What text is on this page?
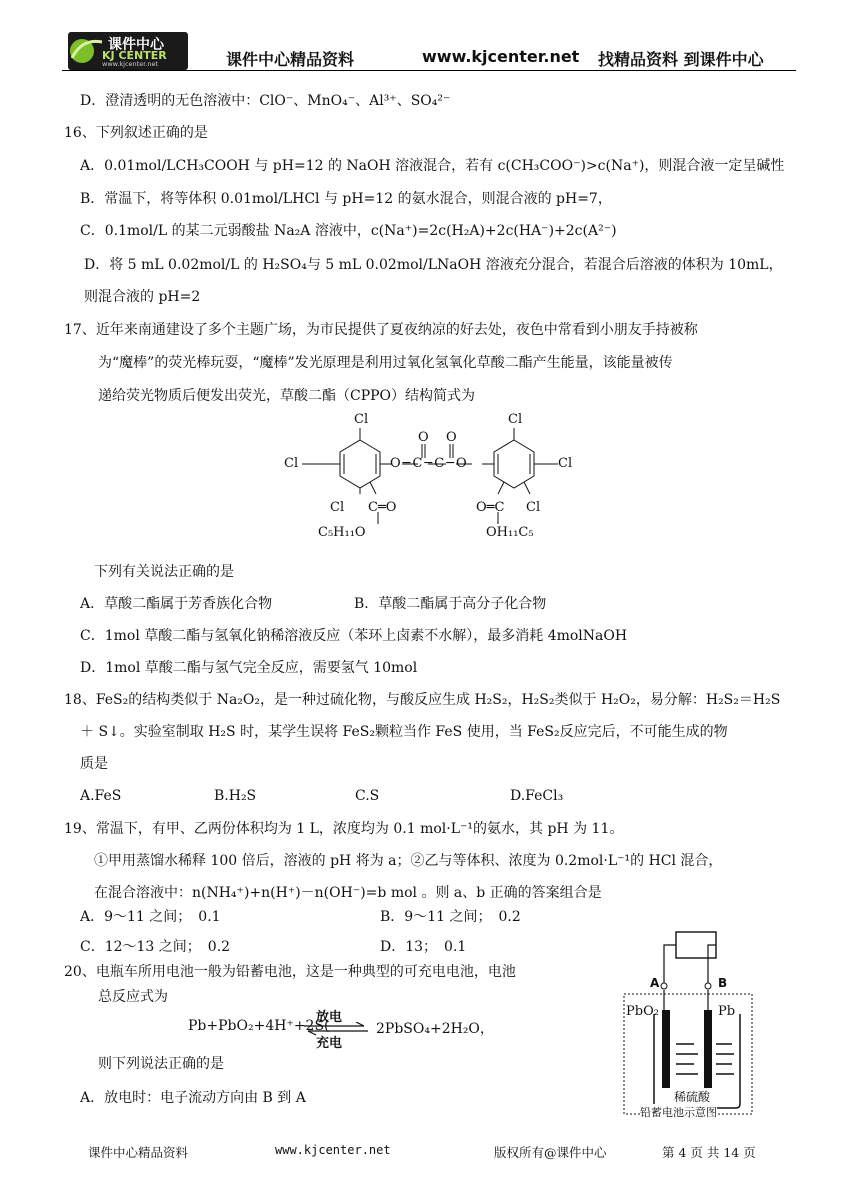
课件中心
KJ CENTER
www.kjcenter.net	课件中心精品资料	www.kjcenter.net 找精品资料 到课件中心
D．澄清透明的无色溶液中：ClO⁻、MnO₄⁻、Al³⁺、SO₄²⁻
16、下列叙述正确的是
A．0.01mol/LCH₃COOH 与 pH=12 的 NaOH 溶液混合，若有 c(CH₃COO⁻)>c(Na⁺)，则混合液一定呈碱性
B．常温下，将等体积 0.01mol/LHCl 与 pH=12 的氨水混合，则混合液的 pH=7，
C．0.1mol/L 的某二元弱酸盐 Na₂A 溶液中，c(Na⁺)=2c(H₂A)+2c(HA⁻)+2c(A²⁻)
D．将 5 mL 0.02mol/L 的 H₂SO₄与 5 mL 0.02mol/LNaOH 溶液充分混合，若混合后溶液的体积为 10mL，
则混合液的 pH=2
17、近年来南通建设了多个主题广场，为市民提供了夏夜纳凉的好去处，夜色中常看到小朋友手持被称
为“魔棒”的荧光棒玩耍，“魔棒”发光原理是利用过氧化氢氧化草酸二酯产生能量，该能量被传
递给荧光物质后便发出荧光，草酸二酯（CPPO）结构简式为
Cl
Cl
Cl C═O
C₅H₁₁O
O O
O─C─C─O
Cl
Cl
Cl
O═C
OH₁₁C₅
下列有关说法正确的是
A．草酸二酯属于芳香族化合物	B．草酸二酯属于高分子化合物
C．1mol 草酸二酯与氢氧化钠稀溶液反应（苯环上卤素不水解），最多消耗 4molNaOH
D．1mol 草酸二酯与氢气完全反应，需要氢气 10mol
18、FeS₂的结构类似于 Na₂O₂，是一种过硫化物，与酸反应生成 H₂S₂，H₂S₂类似于 H₂O₂，易分解：H₂S₂＝H₂S
＋ S↓。实验室制取 H₂S 时，某学生误将 FeS₂颗粒当作 FeS 使用，当 FeS₂反应完后，不可能生成的物
质是
A.FeS	B.H₂S	C.S	D.FeCl₃
19、常温下，有甲、乙两份体积均为 1 L，浓度均为 0.1 mol·L⁻¹的氨水，其 pH 为 11。
①甲用蒸馏水稀释 100 倍后，溶液的 pH 将为 a；②乙与等体积、浓度为 0.2mol·L⁻¹的 HCl 混合，
在混合溶液中：n(NH₄⁺)+n(H⁺)－n(OH⁻)=b mol 。则 a、b 正确的答案组合是
A．9～11 之间；　0.1	B．9～11 之间；　0.2
C．12～13 之间；　0.2	D．13；　0.1
20、电瓶车所用电池一般为铅蓄电池，这是一种典型的可充电电池，电池
总反应式为
Pb+PbO₂+4H⁺+2S(
放电
充电
2PbSO₄+2H₂O，
则下列说法正确的是
A．放电时：电子流动方向由 B 到 A
A	B
PbO₂	Pb
稀硫酸
铅蓄电池示意图
课件中心精品资料	www.kjcenter.net	版权所有@课件中心	第 4 页 共 14 页
